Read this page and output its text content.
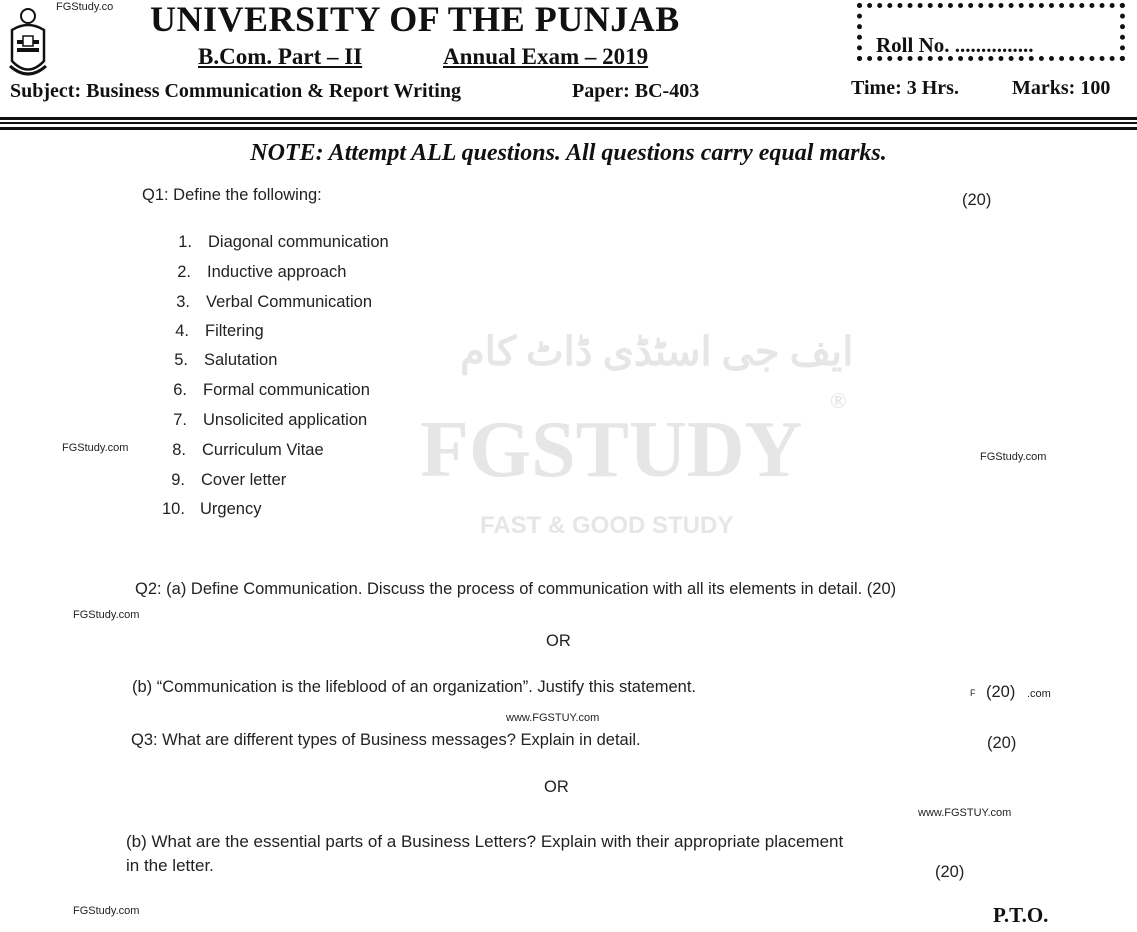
ایف جی اسٹڈی ڈاٹ کام
FGSTUDY
®
FAST & GOOD STUDY
FGStudy.co UNIVERSITY OF THE PUNJAB
B.Com. Part – II	Annual Exam – 2019
Subject: Business Communication & Report Writing	Paper: BC-403
Roll No. ...............
Time: 3 Hrs.	Marks: 100
NOTE: Attempt ALL questions. All questions carry equal marks.
Q1: Define the following:	(20)
1. Diagonal communication
2. Inductive approach
3. Verbal Communication
4. Filtering
5. Salutation
6. Formal communication
7. Unsolicited application
8. Curriculum Vitae
9. Cover letter
10. Urgency
FGStudy.com
FGStudy.com
Q2: (a) Define Communication. Discuss the process of communication with all its elements in detail. (20)
FGStudy.com
OR
(b) “Communication is the lifeblood of an organization”. Justify this statement.	F (20) .com
www.FGSTUY.com
Q3: What are different types of Business messages? Explain in detail.	(20)
OR
www.FGSTUY.com
(b) What are the essential parts of a Business Letters? Explain with their appropriate placement
in the letter.	(20)
FGStudy.com	P.T.O.
